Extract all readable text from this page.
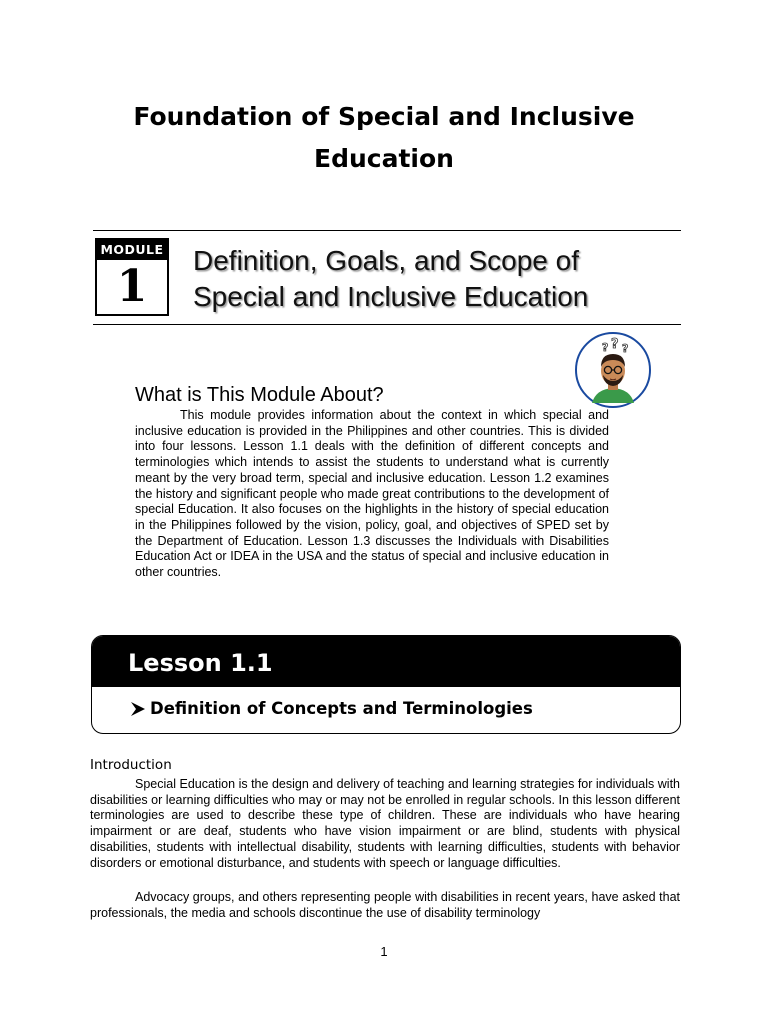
Foundation of Special and Inclusive
Education
MODULE
1
Definition, Goals, and Scope of
Special and Inclusive Education
? ? ?
What is This Module About?

This module provides information about the context in which special and inclusive education is provided in the Philippines and other countries. This is divided into four lessons. Lesson 1.1 deals with the definition of different concepts and terminologies which intends to assist the students to understand what is currently meant by the very broad term, special and inclusive education. Lesson 1.2 examines the history and significant people who made great contributions to the development of special Education. It also focuses on the highlights in the history of special education in the Philippines followed by the vision, policy, goal, and objectives of SPED set by the Department of Education. Lesson 1.3 discusses the Individuals with Disabilities Education Act or IDEA in the USA and the status of special and inclusive education in other countries.

Lesson 1.1
Definition of Concepts and Terminologies
Introduction

Special Education is the design and delivery of teaching and learning strategies for individuals with disabilities or learning difficulties who may or may not be enrolled in regular schools. In this lesson different terminologies are used to describe these type of children. These are individuals who have hearing impairment or are deaf, students who have vision impairment or are blind, students with physical disabilities, students with intellectual disability, students with learning difficulties, students with behavior disorders or emotional disturbance, and students with speech or language difficulties.

Advocacy groups, and others representing people with disabilities in recent years, have asked that professionals, the media and schools discontinue the use of disability terminology

1
